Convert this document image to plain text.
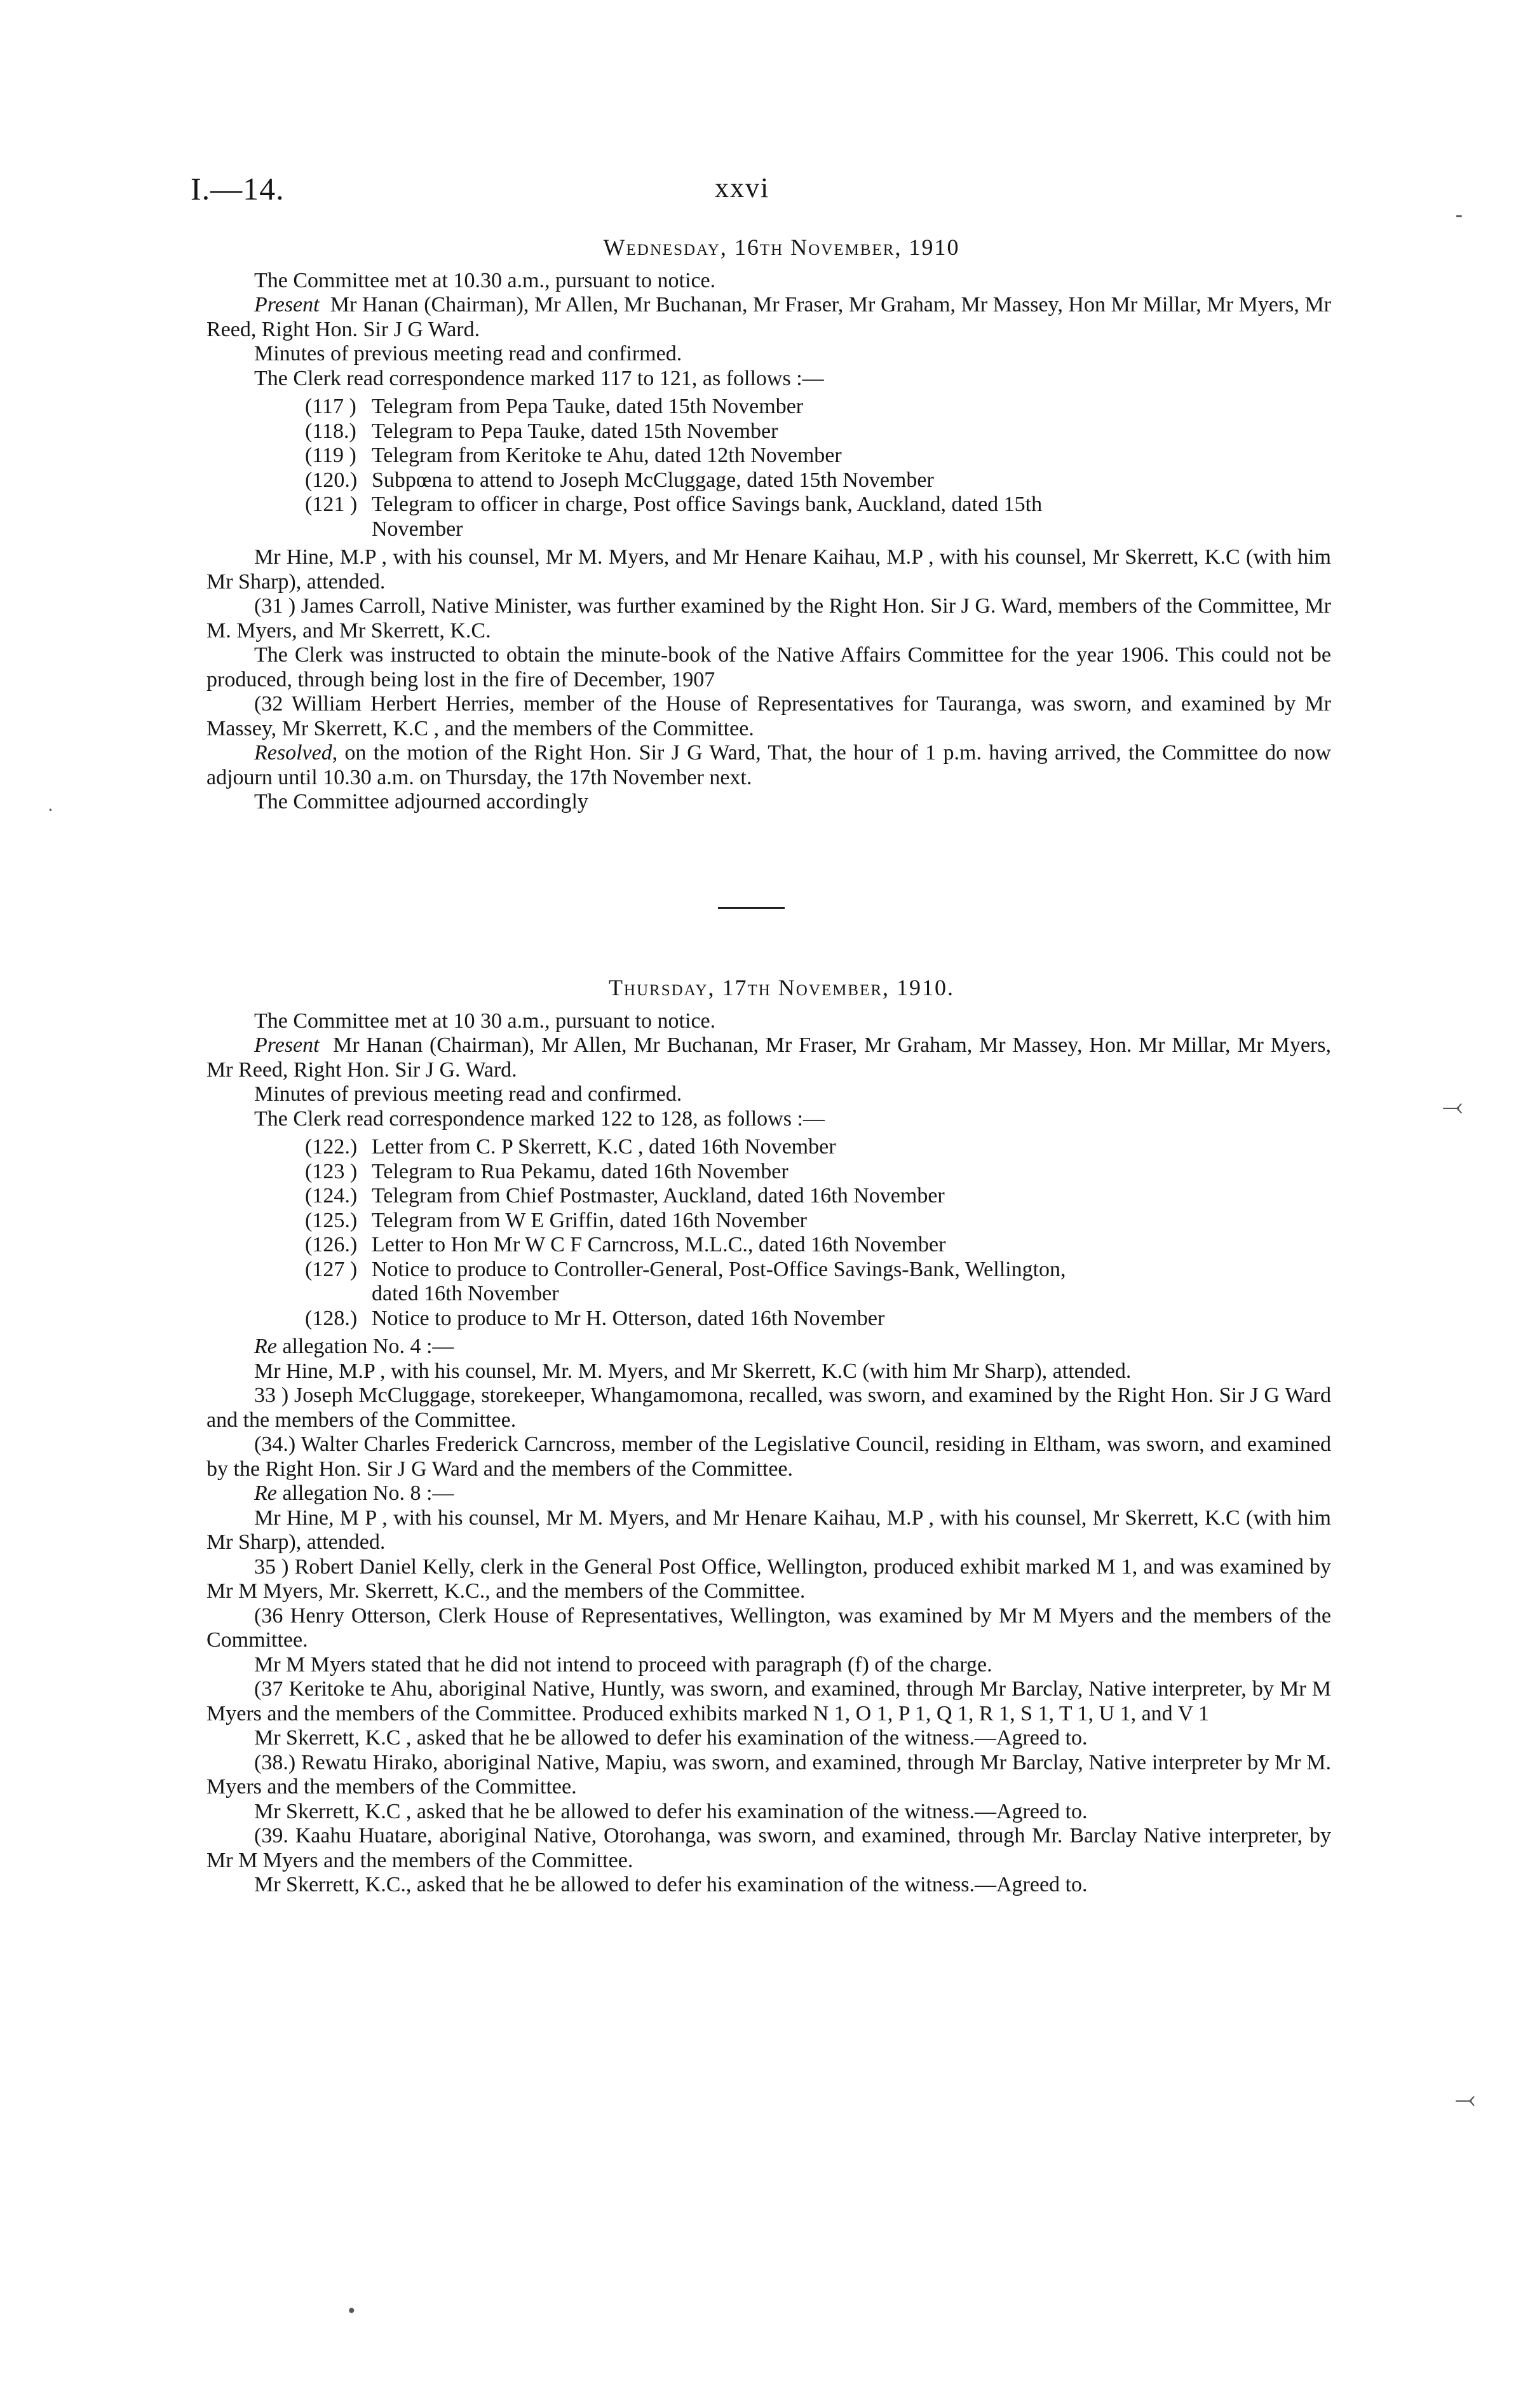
I.—14.	xxvi
Wednesday, 16th November, 1910

The Committee met at 10.30 a.m., pursuant to notice.

Present Mr Hanan (Chairman), Mr Allen, Mr Buchanan, Mr Fraser, Mr Graham, Mr Massey, Hon Mr Millar, Mr Myers, Mr Reed, Right Hon. Sir J G Ward.

Minutes of previous meeting read and confirmed.

The Clerk read correspondence marked 117 to 121, as follows :—

(117 ) Telegram from Pepa Tauke, dated 15th November

(118.) Telegram to Pepa Tauke, dated 15th November

(119 ) Telegram from Keritoke te Ahu, dated 12th November

(120.) Subpœna to attend to Joseph McCluggage, dated 15th November

(121 ) Telegram to officer in charge, Post office Savings bank, Auckland, dated 15th
November

Mr Hine, M.P , with his counsel, Mr M. Myers, and Mr Henare Kaihau, M.P , with his counsel, Mr Skerrett, K.C (with him Mr Sharp), attended.

(31 ) James Carroll, Native Minister, was further examined by the Right Hon. Sir J G. Ward, members of the Committee, Mr M. Myers, and Mr Skerrett, K.C.

The Clerk was instructed to obtain the minute-book of the Native Affairs Committee for the year 1906. This could not be produced, through being lost in the fire of December, 1907

(32 William Herbert Herries, member of the House of Representatives for Tauranga, was sworn, and examined by Mr Massey, Mr Skerrett, K.C , and the members of the Committee.

Resolved, on the motion of the Right Hon. Sir J G Ward, That, the hour of 1 p.m. having arrived, the Committee do now adjourn until 10.30 a.m. on Thursday, the 17th November next.

The Committee adjourned accordingly

Thursday, 17th November, 1910.

The Committee met at 10 30 a.m., pursuant to notice.

Present Mr Hanan (Chairman), Mr Allen, Mr Buchanan, Mr Fraser, Mr Graham, Mr Massey, Hon. Mr Millar, Mr Myers, Mr Reed, Right Hon. Sir J G. Ward.

Minutes of previous meeting read and confirmed.

The Clerk read correspondence marked 122 to 128, as follows :—

(122.) Letter from C. P Skerrett, K.C , dated 16th November

(123 ) Telegram to Rua Pekamu, dated 16th November

(124.) Telegram from Chief Postmaster, Auckland, dated 16th November

(125.) Telegram from W E Griffin, dated 16th November

(126.) Letter to Hon Mr W C F Carncross, M.L.C., dated 16th November

(127 ) Notice to produce to Controller-General, Post-Office Savings-Bank, Wellington,
dated 16th November

(128.) Notice to produce to Mr H. Otterson, dated 16th November

Re allegation No. 4 :—

Mr Hine, M.P , with his counsel, Mr. M. Myers, and Mr Skerrett, K.C (with him Mr Sharp), attended.

33 ) Joseph McCluggage, storekeeper, Whangamomona, recalled, was sworn, and examined by the Right Hon. Sir J G Ward and the members of the Committee.

(34.) Walter Charles Frederick Carncross, member of the Legislative Council, residing in Eltham, was sworn, and examined by the Right Hon. Sir J G Ward and the members of the Committee.

Re allegation No. 8 :—

Mr Hine, M P , with his counsel, Mr M. Myers, and Mr Henare Kaihau, M.P , with his counsel, Mr Skerrett, K.C (with him Mr Sharp), attended.

35 ) Robert Daniel Kelly, clerk in the General Post Office, Wellington, produced exhibit marked M 1, and was examined by Mr M Myers, Mr. Skerrett, K.C., and the members of the Committee.

(36 Henry Otterson, Clerk House of Representatives, Wellington, was examined by Mr M Myers and the members of the Committee.

Mr M Myers stated that he did not intend to proceed with paragraph (f) of the charge.

(37 Keritoke te Ahu, aboriginal Native, Huntly, was sworn, and examined, through Mr Barclay, Native interpreter, by Mr M Myers and the members of the Committee. Produced exhibits marked N 1, O 1, P 1, Q 1, R 1, S 1, T 1, U 1, and V 1

Mr Skerrett, K.C , asked that he be allowed to defer his examination of the witness.—Agreed to.

(38.) Rewatu Hirako, aboriginal Native, Mapiu, was sworn, and examined, through Mr Barclay, Native interpreter by Mr M. Myers and the members of the Committee.

Mr Skerrett, K.C , asked that he be allowed to defer his examination of the witness.—Agreed to.

(39. Kaahu Huatare, aboriginal Native, Otorohanga, was sworn, and examined, through Mr. Barclay Native interpreter, by Mr M Myers and the members of the Committee.

Mr Skerrett, K.C., asked that he be allowed to defer his examination of the witness.—Agreed to.

˗
·
⤙
⤙
•
